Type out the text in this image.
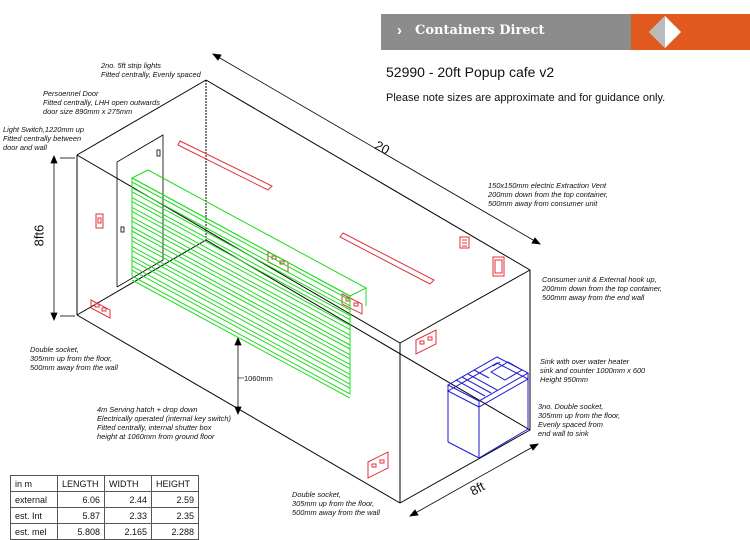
› Containers Direct
52990 - 20ft Popup cafe v2
Please note sizes are approximate and for guidance only.
20
8ft6
8ft
1060mm
2no. 5ft strip lights
Fitted centrally, Evenly spaced
Persoennel Door
Fitted centrally, LHH open outwards
door size 890mm x 275mm
Light Switch,1220mm up
Fitted centrally between
door and wall
150x150mm electric Extraction Vent
200mm down from the top container,
500mm away from consumer unit
Consumer unit & External hook up,
200mm down from the top container,
500mm away from the end wall
Double socket,
305mm up from the floor,
500mm away from the wall
Sink with over water heater
sink and counter 1000mm x 600
Height 950mm
4m Serving hatch + drop down
Electrically operated (internal key switch)
Fitted centrally, internal shutter box
height at 1060mm from ground floor
3no. Double socket,
305mm up from the floor,
Evenly spaced from
end wall to sink
Double socket,
305mm up from the floor,
500mm away from the wall
in m	LENGTH	WIDTH	HEIGHT
external	6.06	2.44	2.59
est. Int	5.87	2.33	2.35
est. mel	5.808	2.165	2.288
